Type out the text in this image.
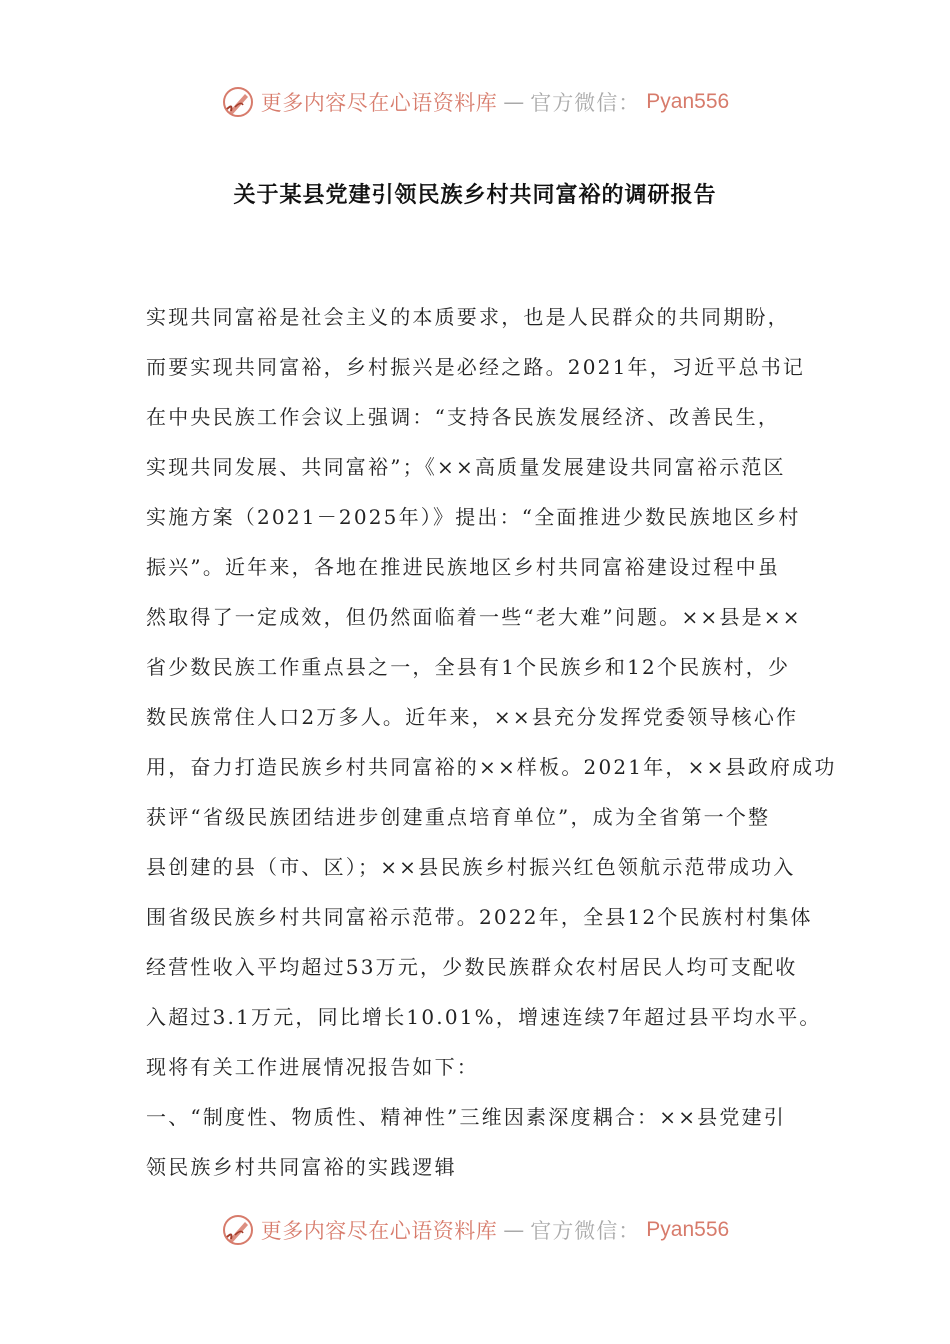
更多内容尽在心语资料库 — 官方微信： Pyan556
关于某县党建引领民族乡村共同富裕的调研报告
实现共同富裕是社会主义的本质要求，也是人民群众的共同期盼，
而要实现共同富裕，乡村振兴是必经之路。2021年，习近平总书记
在中央民族工作会议上强调：“支持各民族发展经济、改善民生，
实现共同发展、共同富裕”；《××高质量发展建设共同富裕示范区
实施方案（2021－2025年）》提出：“全面推进少数民族地区乡村
振兴”。近年来，各地在推进民族地区乡村共同富裕建设过程中虽
然取得了一定成效，但仍然面临着一些“老大难”问题。××县是××
省少数民族工作重点县之一，全县有1个民族乡和12个民族村，少
数民族常住人口2万多人。近年来，××县充分发挥党委领导核心作
用，奋力打造民族乡村共同富裕的××样板。2021年，××县政府成功
获评“省级民族团结进步创建重点培育单位”，成为全省第一个整
县创建的县（市、区）；××县民族乡村振兴红色领航示范带成功入
围省级民族乡村共同富裕示范带。2022年，全县12个民族村村集体
经营性收入平均超过53万元，少数民族群众农村居民人均可支配收
入超过3.1万元，同比增长10.01%，增速连续7年超过县平均水平。
现将有关工作进展情况报告如下：
一、“制度性、物质性、精神性”三维因素深度耦合：××县党建引
领民族乡村共同富裕的实践逻辑
更多内容尽在心语资料库 — 官方微信： Pyan556
